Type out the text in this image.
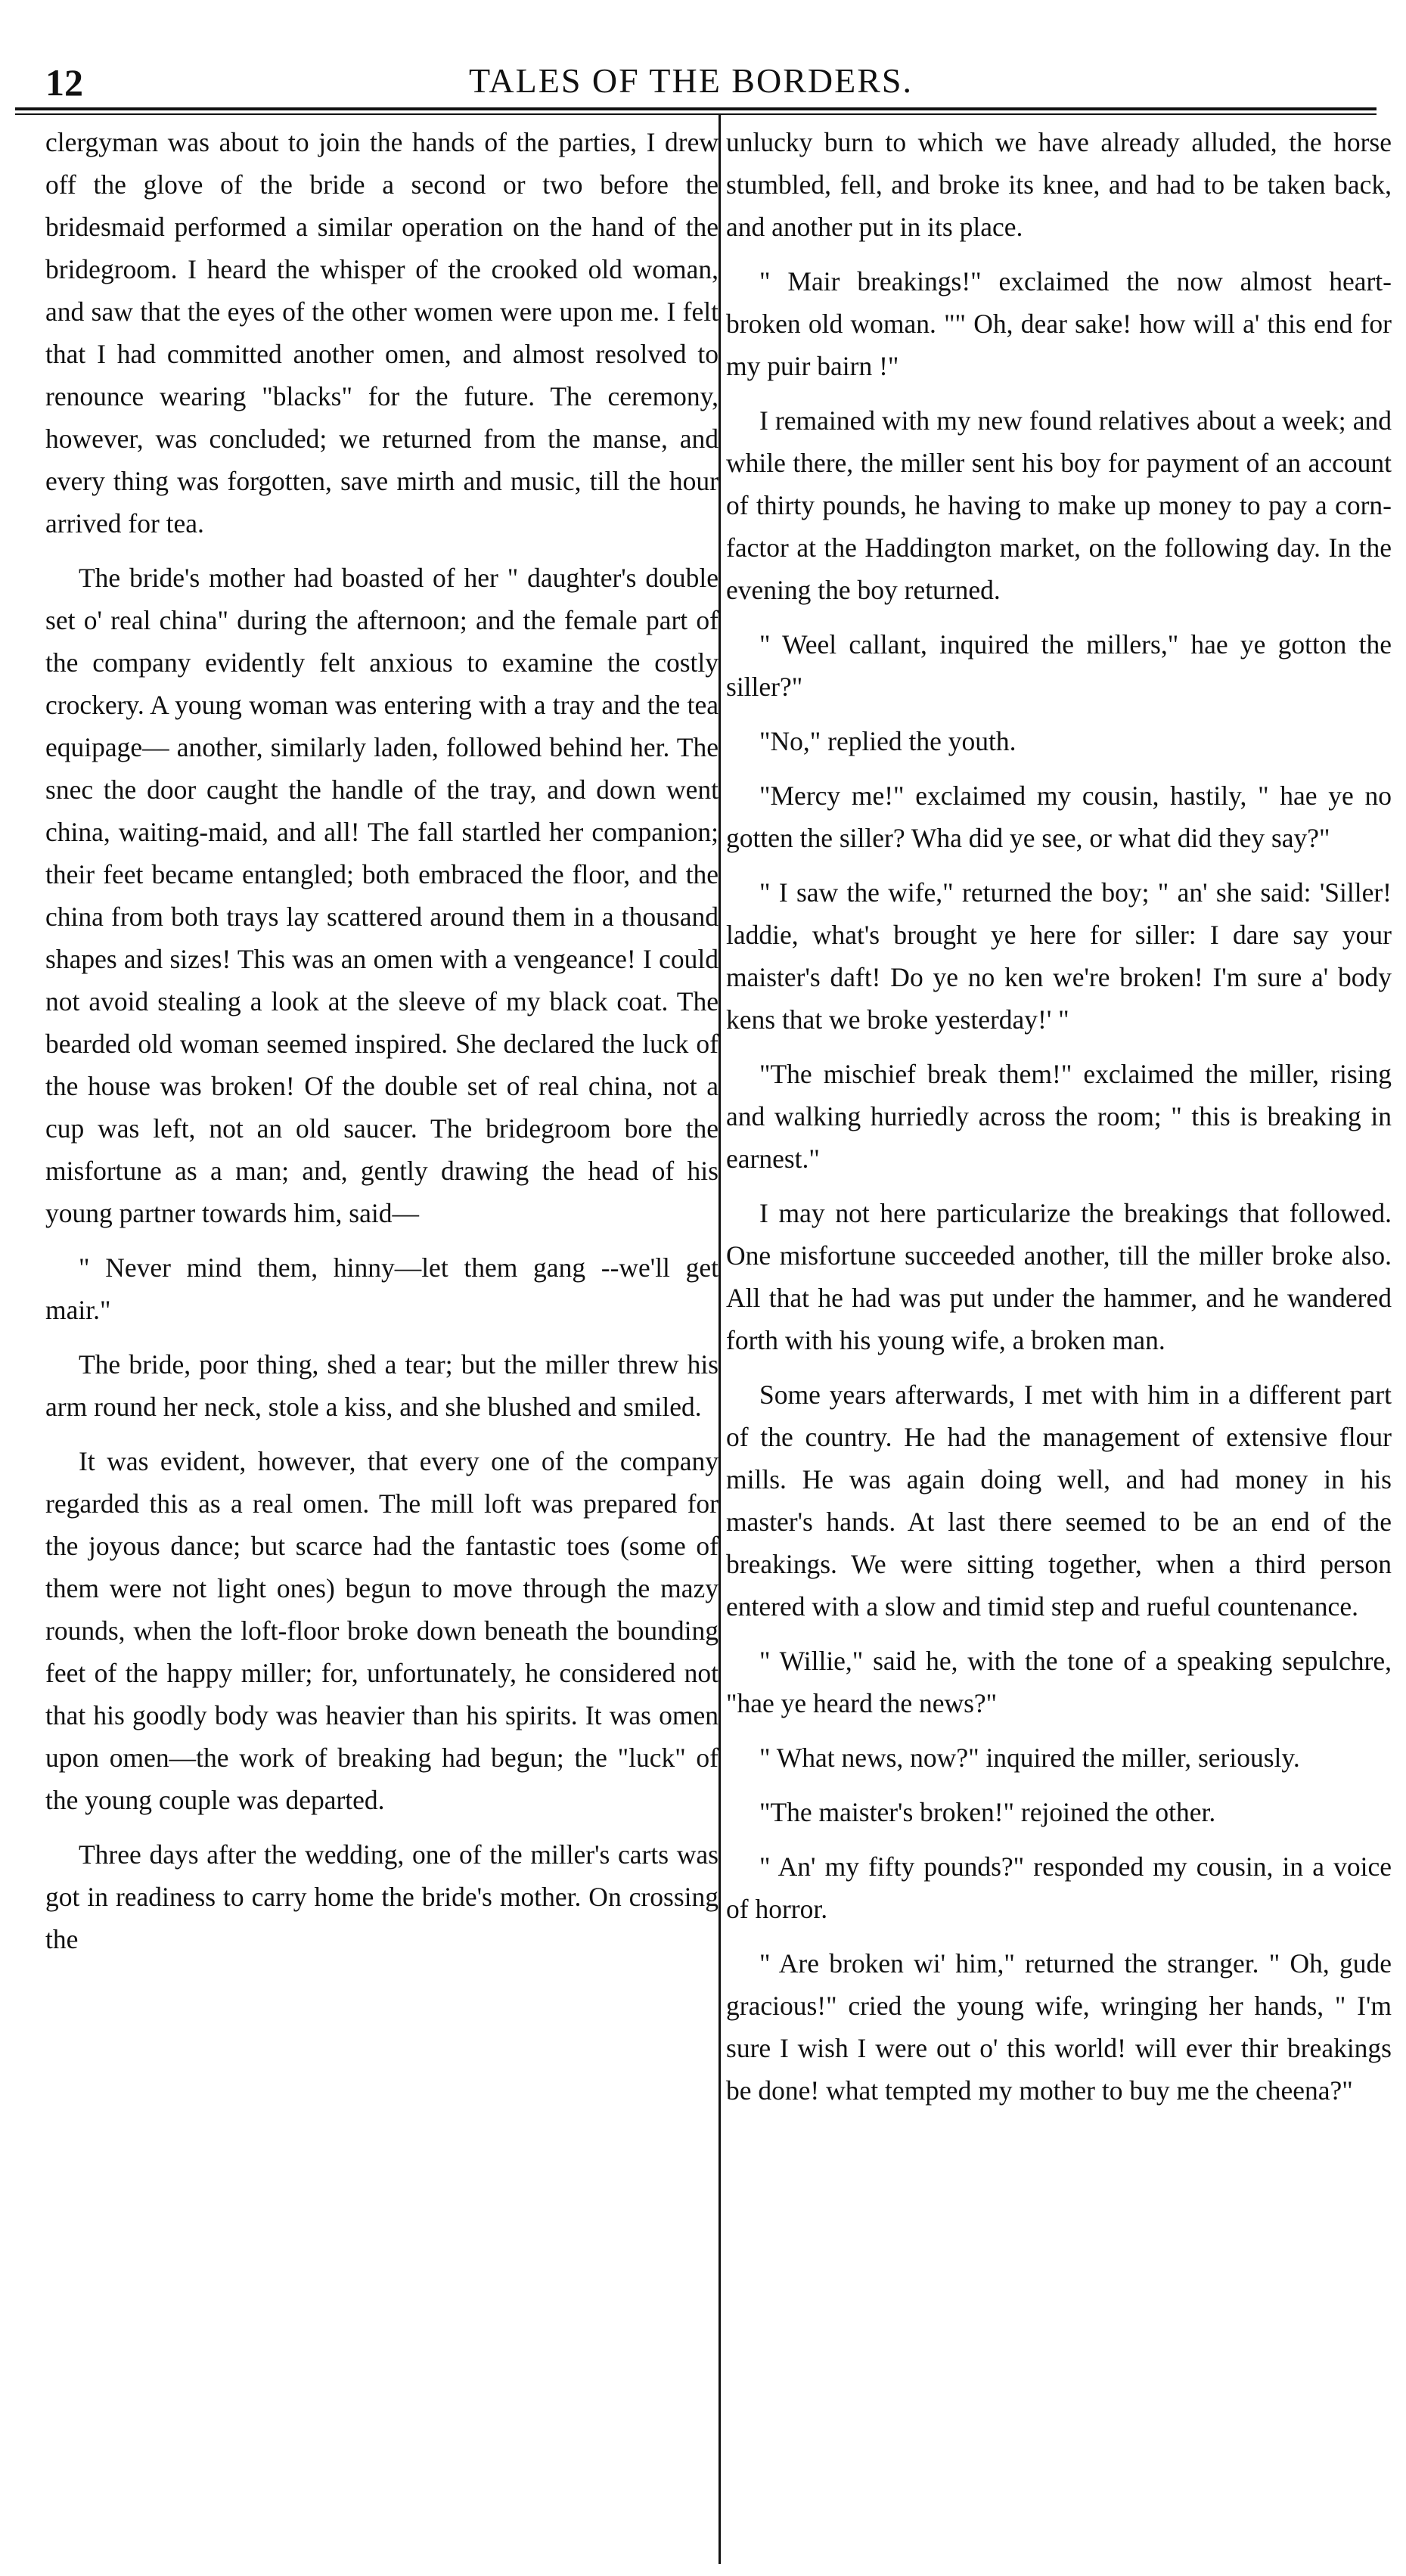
12	TALES OF THE BORDERS.

clergyman was about to join the hands of the parties, I drew off the glove of the bride a second or two before the bridesmaid performed a similar operation on the hand of the bridegroom. I heard the whisper of the crooked old woman, and saw that the eyes of the other women were upon me. I felt that I had committed another omen, and almost resolved to renounce wearing "blacks" for the future. The ceremony, however, was concluded; we returned from the manse, and every thing was forgotten, save mirth and music, till the hour arrived for tea.

The bride's mother had boasted of her " daughter's double set o' real china" during the afternoon; and the female part of the company evidently felt anxious to examine the costly crockery. A young woman was entering with a tray and the tea equipage— another, similarly laden, followed behind her. The snec the door caught the handle of the tray, and down went china, waiting-maid, and all! The fall startled her companion; their feet became entangled; both embraced the floor, and the china from both trays lay scattered around them in a thousand shapes and sizes! This was an omen with a vengeance! I could not avoid stealing a look at the sleeve of my black coat. The bearded old woman seemed inspired. She declared the luck of the house was broken! Of the double set of real china, not a cup was left, not an old saucer. The bridegroom bore the misfortune as a man; and, gently drawing the head of his young partner towards him, said—

" Never mind them, hinny—let them gang --we'll get mair."

The bride, poor thing, shed a tear; but the miller threw his arm round her neck, stole a kiss, and she blushed and smiled.

It was evident, however, that every one of the company regarded this as a real omen. The mill loft was prepared for the joyous dance; but scarce had the fantastic toes (some of them were not light ones) begun to move through the mazy rounds, when the loft-floor broke down beneath the bounding feet of the happy miller; for, unfortunately, he considered not that his goodly body was heavier than his spirits. It was omen upon omen—the work of breaking had begun; the "luck" of the young couple was departed.

Three days after the wedding, one of the miller's carts was got in readiness to carry home the bride's mother. On crossing the

unlucky burn to which we have already alluded, the horse stumbled, fell, and broke its knee, and had to be taken back, and another put in its place.

" Mair breakings!" exclaimed the now almost heart-broken old woman. "" Oh, dear sake! how will a' this end for my puir bairn !"

I remained with my new found relatives about a week; and while there, the miller sent his boy for payment of an account of thirty pounds, he having to make up money to pay a corn-factor at the Haddington market, on the following day. In the evening the boy returned.

" Weel callant, inquired the millers," hae ye gotton the siller?"

"No," replied the youth.

"Mercy me!" exclaimed my cousin, hastily, " hae ye no gotten the siller? Wha did ye see, or what did they say?"

" I saw the wife," returned the boy; " an' she said: 'Siller! laddie, what's brought ye here for siller: I dare say your maister's daft! Do ye no ken we're broken! I'm sure a' body kens that we broke yesterday!' "

"The mischief break them!" exclaimed the miller, rising and walking hurriedly across the room; " this is breaking in earnest."

I may not here particularize the breakings that followed. One misfortune succeeded another, till the miller broke also. All that he had was put under the hammer, and he wandered forth with his young wife, a broken man.

Some years afterwards, I met with him in a different part of the country. He had the management of extensive flour mills. He was again doing well, and had money in his master's hands. At last there seemed to be an end of the breakings. We were sitting together, when a third person entered with a slow and timid step and rueful countenance.

" Willie," said he, with the tone of a speaking sepulchre, "hae ye heard the news?"

" What news, now?" inquired the miller, seriously.

"The maister's broken!" rejoined the other.

" An' my fifty pounds?" responded my cousin, in a voice of horror.

" Are broken wi' him," returned the stranger. " Oh, gude gracious!" cried the young wife, wringing her hands, " I'm sure I wish I were out o' this world! will ever thir breakings be done! what tempted my mother to buy me the cheena?"
